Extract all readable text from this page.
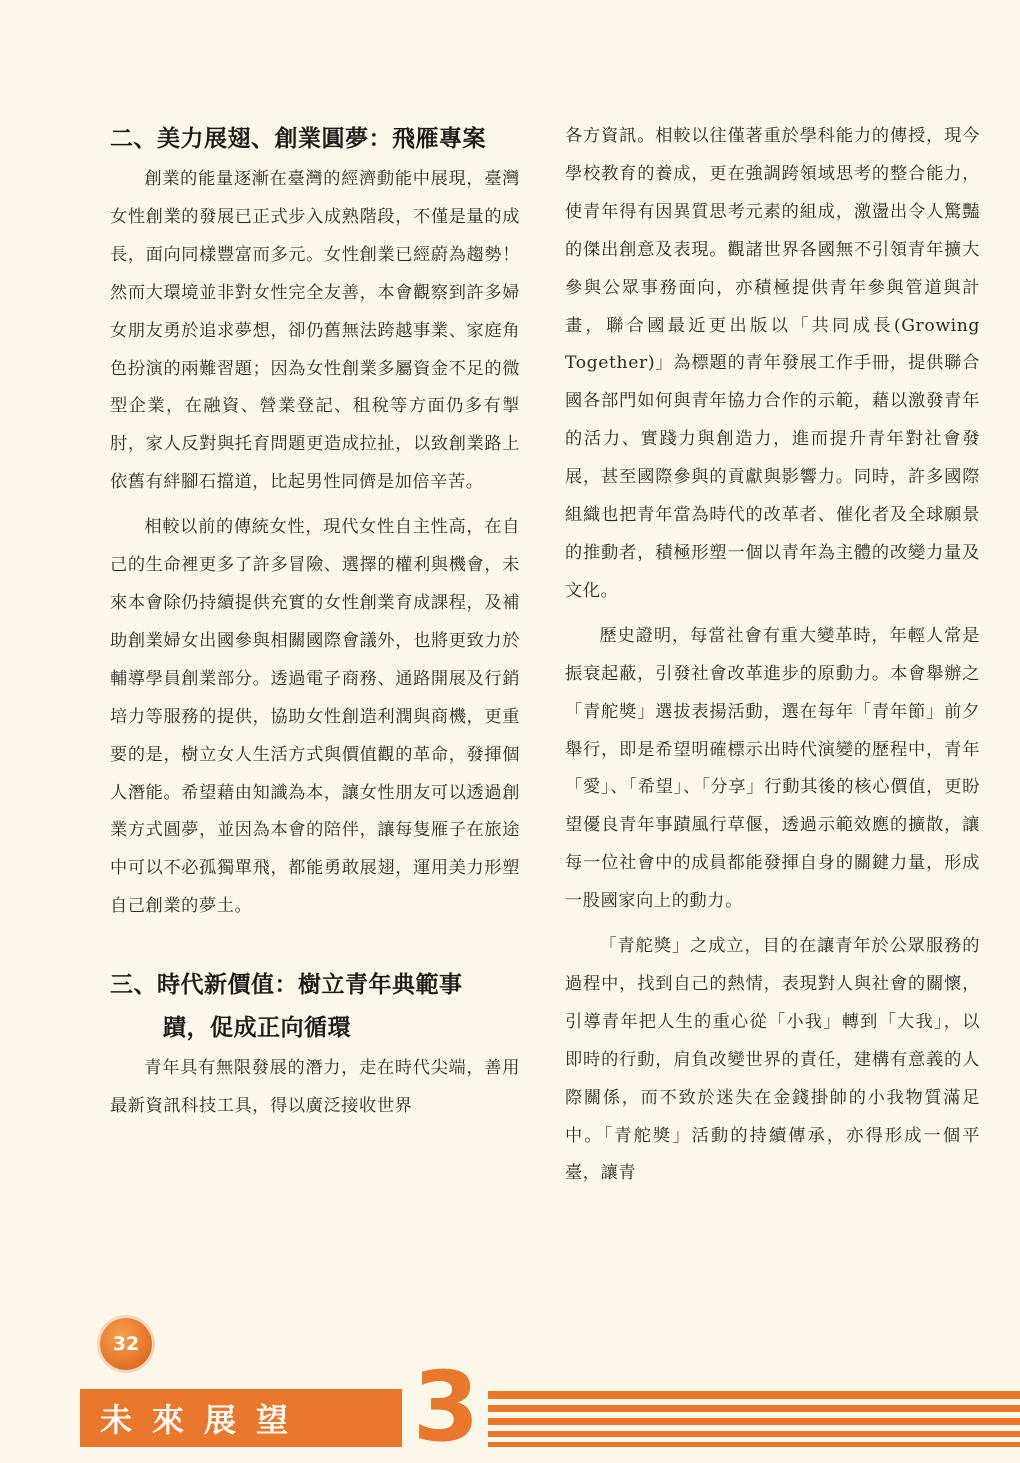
二、美力展翅、創業圓夢：飛雁專案

創業的能量逐漸在臺灣的經濟動能中展現，臺灣女性創業的發展已正式步入成熟階段，不僅是量的成長，面向同樣豐富而多元。女性創業已經蔚為趨勢！然而大環境並非對女性完全友善，本會觀察到許多婦女朋友勇於追求夢想，卻仍舊無法跨越事業、家庭角色扮演的兩難習題；因為女性創業多屬資金不足的微型企業，在融資、營業登記、租稅等方面仍多有掣肘，家人反對與托育問題更造成拉扯，以致創業路上依舊有絆腳石擋道，比起男性同儕是加倍辛苦。

相較以前的傳統女性，現代女性自主性高，在自己的生命裡更多了許多冒險、選擇的權利與機會，未來本會除仍持續提供充實的女性創業育成課程，及補助創業婦女出國參與相關國際會議外，也將更致力於輔導學員創業部分。透過電子商務、通路開展及行銷培力等服務的提供，協助女性創造利潤與商機，更重要的是，樹立女人生活方式與價值觀的革命，發揮個人潛能。希望藉由知識為本，讓女性朋友可以透過創業方式圓夢，並因為本會的陪伴，讓每隻雁子在旅途中可以不必孤獨單飛，都能勇敢展翅，運用美力形塑自己創業的夢土。

三、時代新價值：樹立青年典範事
蹟，促成正向循環

青年具有無限發展的潛力，走在時代尖端，善用最新資訊科技工具，得以廣泛接收世界

各方資訊。相較以往僅著重於學科能力的傳授，現今學校教育的養成，更在強調跨領域思考的整合能力，使青年得有因異質思考元素的組成，激盪出令人驚豔的傑出創意及表現。觀諸世界各國無不引領青年擴大參與公眾事務面向，亦積極提供青年參與管道與計畫，聯合國最近更出版以「共同成長(Growing Together)」為標題的青年發展工作手冊，提供聯合國各部門如何與青年協力合作的示範，藉以激發青年的活力、實踐力與創造力，進而提升青年對社會發展，甚至國際參與的貢獻與影響力。同時，許多國際組織也把青年當為時代的改革者、催化者及全球願景的推動者，積極形塑一個以青年為主體的改變力量及文化。

歷史證明，每當社會有重大變革時，年輕人常是振衰起蔽，引發社會改革進步的原動力。本會舉辦之「青舵獎」選拔表揚活動，選在每年「青年節」前夕舉行，即是希望明確標示出時代演變的歷程中，青年「愛」、「希望」、「分享」行動其後的核心價值，更盼望優良青年事蹟風行草偃，透過示範效應的擴散，讓每一位社會中的成員都能發揮自身的關鍵力量，形成一股國家向上的動力。

「青舵獎」之成立，目的在讓青年於公眾服務的過程中，找到自己的熱情，表現對人與社會的關懷，引導青年把人生的重心從「小我」轉到「大我」，以即時的行動，肩負改變世界的責任，建構有意義的人際關係，而不致於迷失在金錢掛帥的小我物質滿足中。「青舵獎」活動的持續傳承，亦得形成一個平臺，讓青

32
未來展望 3
